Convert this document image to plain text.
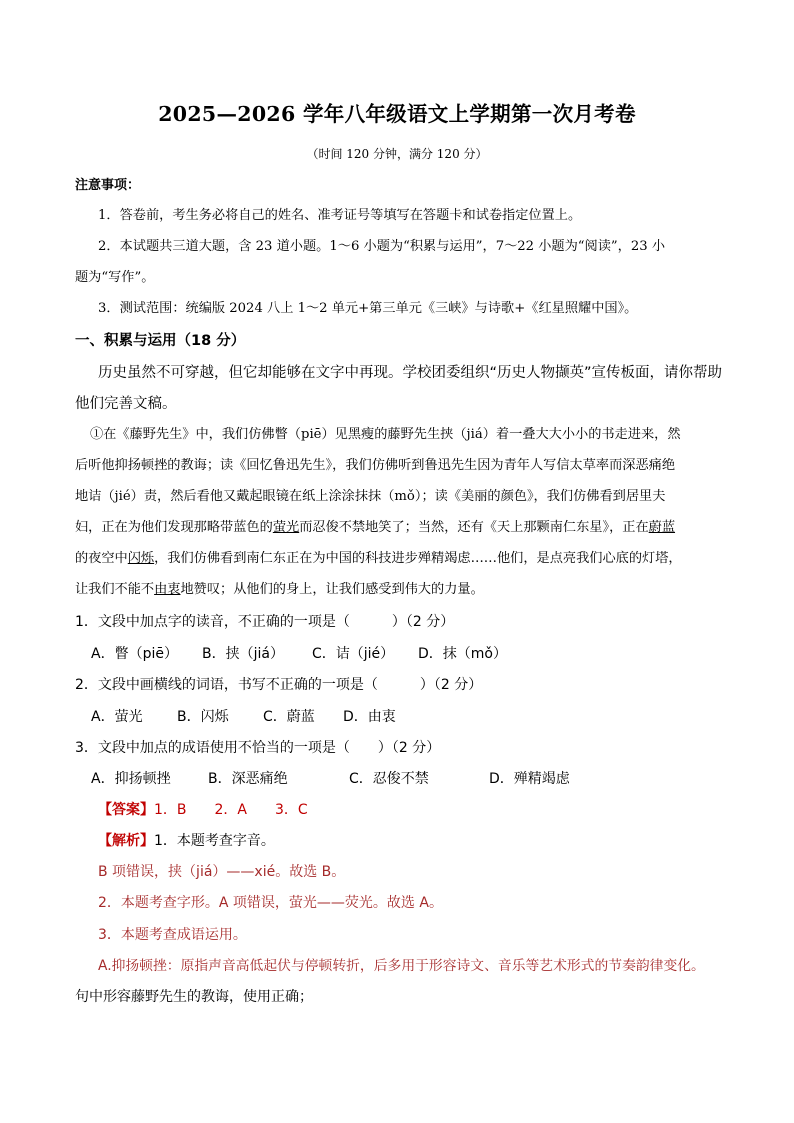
2025—2026 学年八年级语文上学期第一次月考卷
（时间 120 分钟，满分 120 分）
注意事项：
1．答卷前，考生务必将自己的姓名、准考证号等填写在答题卡和试卷指定位置上。
2．本试题共三道大题，含 23 道小题。1～6 小题为“积累与运用”，7～22 小题为“阅读”，23 小
题为“写作”。
3．测试范围：统编版 2024 八上 1～2 单元+第三单元《三峡》与诗歌+《红星照耀中国》。
一、积累与运用（18 分）
历史虽然不可穿越，但它却能够在文字中再现。学校团委组织“历史人物撷英”宣传板面，请你帮助
他们完善文稿。
①在《藤野先生》中，我们仿佛瞥（piē）见黑瘦的藤野先生挟（jiá）着一叠大大小小的书走进来，然
后听他抑扬顿挫的教诲；读《回忆鲁迅先生》，我们仿佛听到鲁迅先生因为青年人写信太草率而深恶痛绝
地诘（jié）责，然后看他又戴起眼镜在纸上涂涂抹抹（mǒ）；读《美丽的颜色》，我们仿佛看到居里夫
妇，正在为他们发现那略带蓝色的萤光而忍俊不禁地笑了；当然，还有《天上那颗南仁东星》，正在蔚蓝
的夜空中闪烁，我们仿佛看到南仁东正在为中国的科技进步殚精竭虑……他们，是点亮我们心底的灯塔，
让我们不能不由衷地赞叹；从他们的身上，让我们感受到伟大的力量。
1．文段中加点字的读音，不正确的一项是（　　　）（2 分）
A．瞥（piē） B．挟（jiá） C．诘（jié） D．抹（mǒ）
2．文段中画横线的词语，书写不正确的一项是（　　　）（2 分）
A．萤光 B．闪烁 C．蔚蓝 D．由衷
3．文段中加点的成语使用不恰当的一项是（　　）（2 分）
A．抑扬顿挫	B．深恶痛绝	C．忍俊不禁	D．殚精竭虑
【答案】1．B　　2．A　　3．C
【解析】1．本题考查字音。
B 项错误，挟（jiá）——xié。故选 B。
2．本题考查字形。A 项错误，萤光——荧光。故选 A。
3．本题考查成语运用。
A.抑扬顿挫：原指声音高低起伏与停顿转折，后多用于形容诗文、音乐等艺术形式的节奏韵律变化。
句中形容藤野先生的教诲，使用正确；
